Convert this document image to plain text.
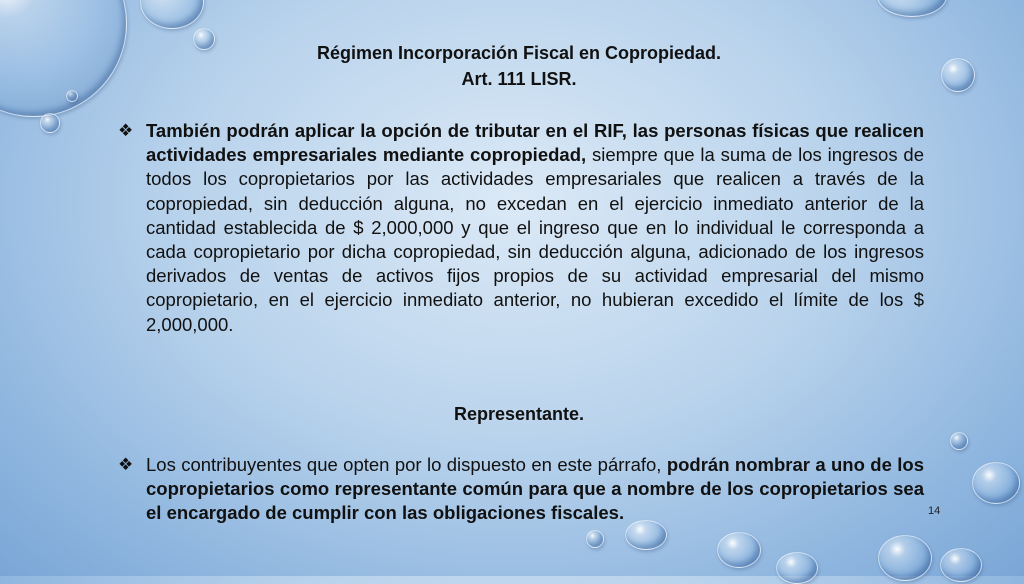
Régimen Incorporación Fiscal en Copropiedad.

Art. 111 LISR.

❖ También podrán aplicar la opción de tributar en el RIF, las personas físicas que realicen actividades empresariales mediante copropiedad, siempre que la suma de los ingresos de todos los copropietarios por las actividades empresariales que realicen a través de la copropiedad, sin deducción alguna, no excedan en el ejercicio inmediato anterior de la cantidad establecida de $ 2,000,000 y que el ingreso que en lo individual le corresponda a cada copropietario por dicha copropiedad, sin deducción alguna, adicionado de los ingresos derivados de ventas de activos fijos propios de su actividad empresarial del mismo copropietario, en el ejercicio inmediato anterior, no hubieran excedido el límite de los $ 2,000,000.

Representante.

❖ Los contribuyentes que opten por lo dispuesto en este párrafo, podrán nombrar a uno de los copropietarios como representante común para que a nombre de los copropietarios sea el encargado de cumplir con las obligaciones fiscales.	14
